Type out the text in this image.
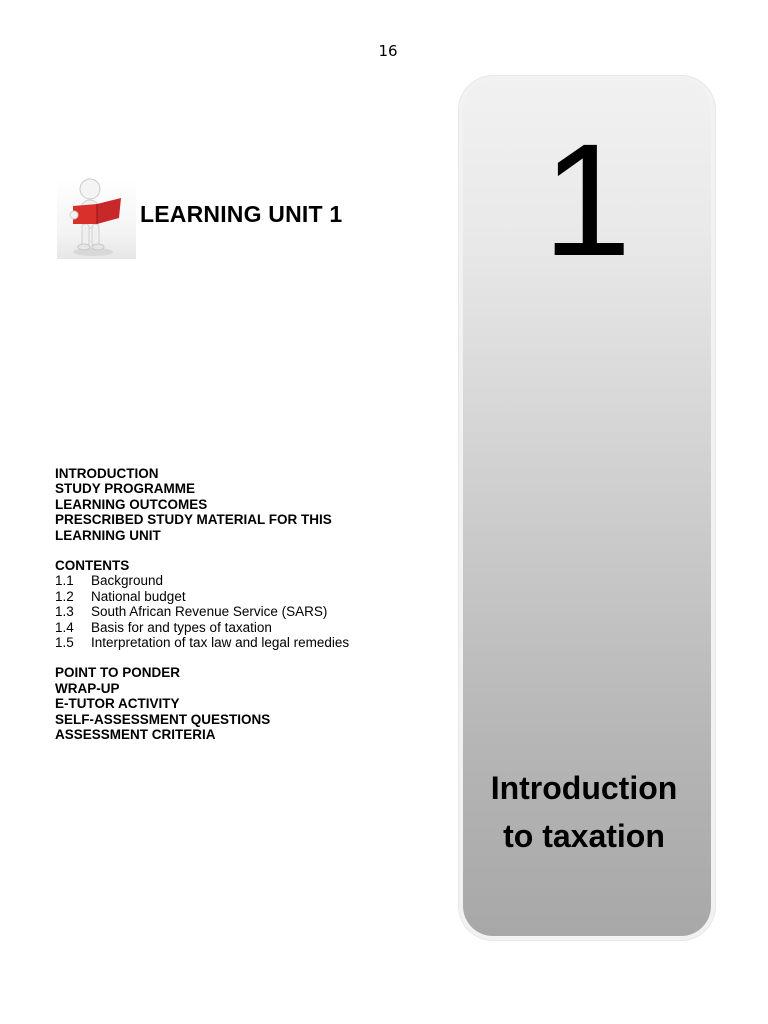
16
LEARNING UNIT 1
INTRODUCTION
STUDY PROGRAMME
LEARNING OUTCOMES
PRESCRIBED STUDY MATERIAL FOR THIS
LEARNING UNIT
CONTENTS
1.1	Background
1.2	National budget
1.3	South African Revenue Service (SARS)
1.4	Basis for and types of taxation
1.5	Interpretation of tax law and legal remedies
POINT TO PONDER
WRAP-UP
E-TUTOR ACTIVITY
SELF-ASSESSMENT QUESTIONS
ASSESSMENT CRITERIA
1
Introduction
to taxation
